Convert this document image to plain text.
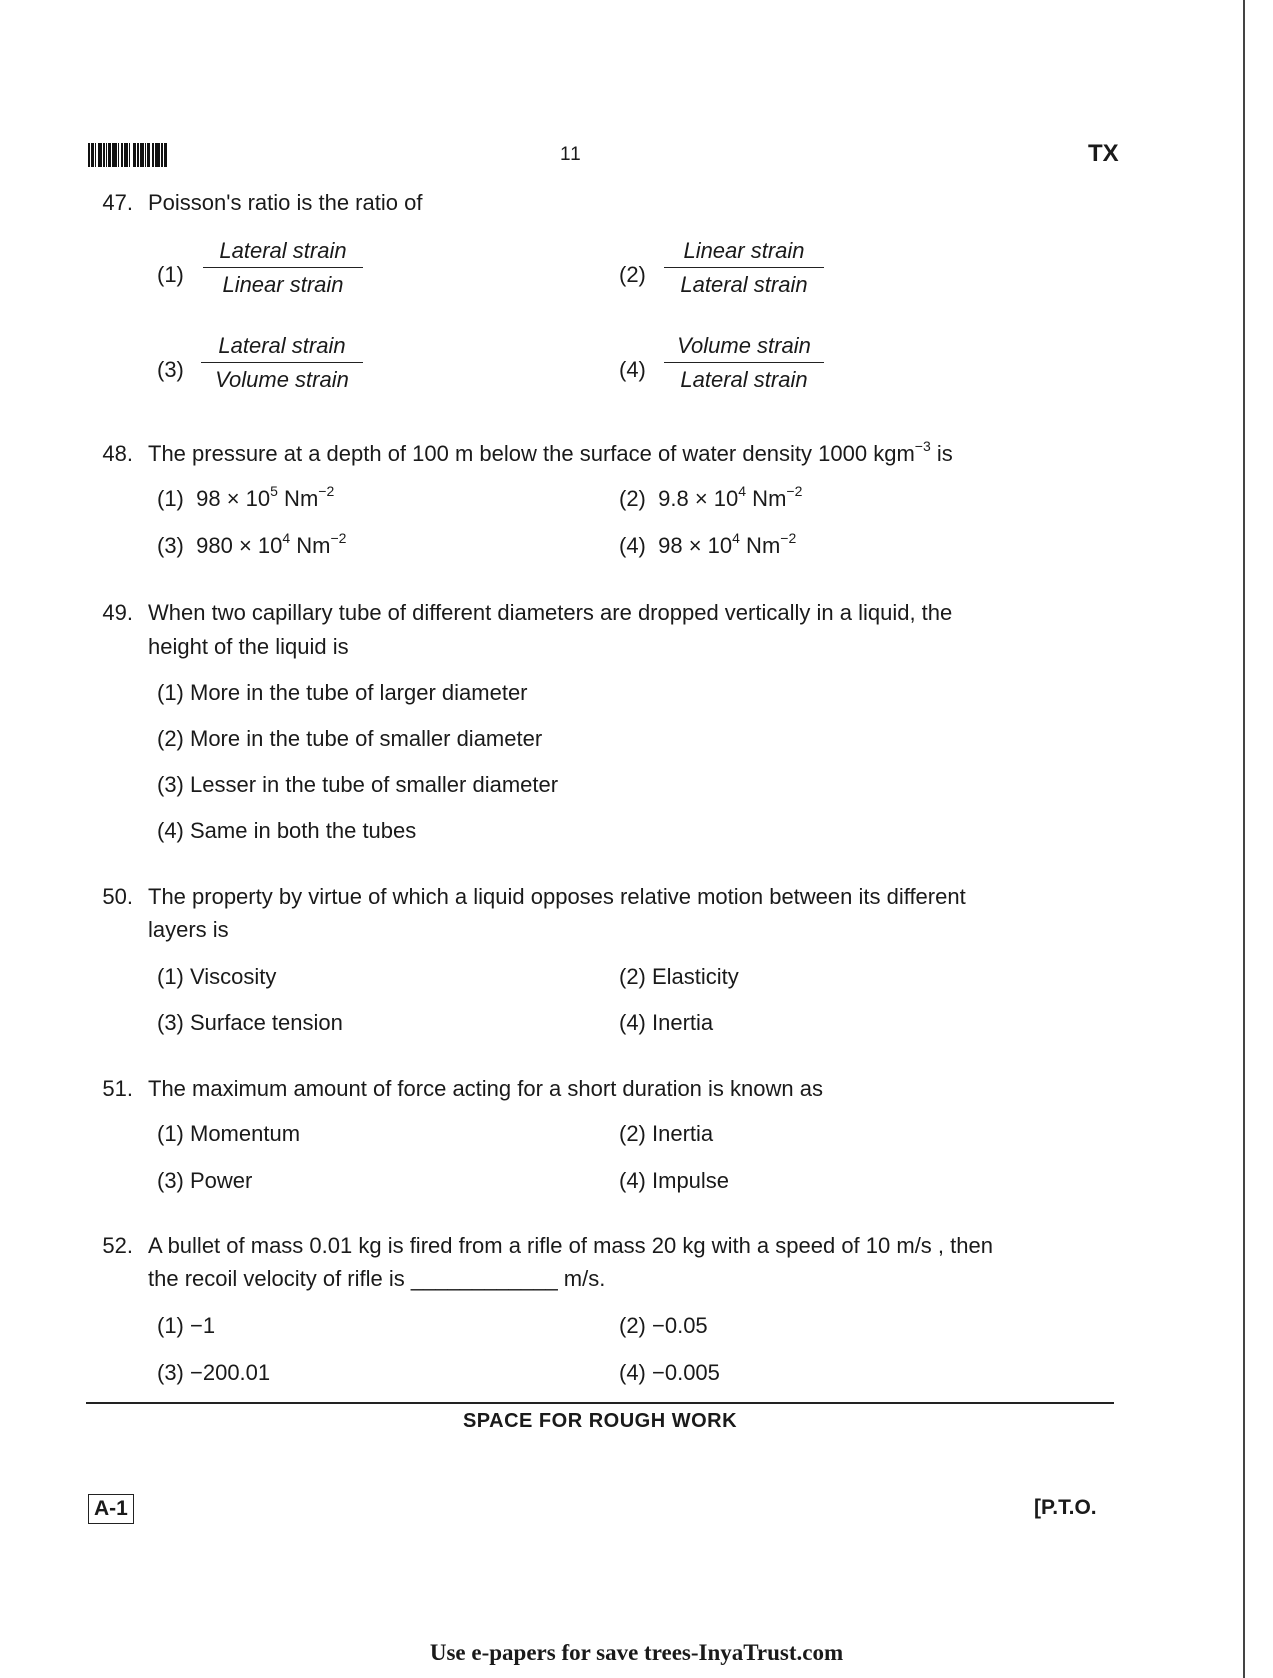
11	TX
47. Poisson's ratio is the ratio of
(1)
Lateral strain
Linear strain	(2)
Linear strain
Lateral strain
(3)
Lateral strain
Volume strain	(4)
Volume strain
Lateral strain
48. The pressure at a depth of 100 m below the surface of water density 1000 kgm$^{-3}$ is
(1) $98 \times 10^5$ $Nm^{-2}$	(2) $9.8 \times 10^4$ $Nm^{-2}$
(3) $980 \times 10^4$ $Nm^{-2}$	(4) $98 \times 10^4$ $Nm^{-2}$
49. When two capillary tube of different diameters are dropped vertically in a liquid, the
height of the liquid is
(1) More in the tube of larger diameter
(2) More in the tube of smaller diameter
(3) Lesser in the tube of smaller diameter
(4) Same in both the tubes
50. The property by virtue of which a liquid opposes relative motion between its different
layers is
(1) Viscosity	(2) Elasticity
(3) Surface tension	(4) Inertia
51. The maximum amount of force acting for a short duration is known as
(1) Momentum	(2) Inertia
(3) Power	(4) Impulse
52. A bullet of mass 0.01 kg is fired from a rifle of mass 20 kg with a speed of 10 m/s , then
the recoil velocity of rifle is ____________ m/s.
(1) −1	(2) −0.05
(3) −200.01	(4) −0.005
SPACE FOR ROUGH WORK
A-1	[P.T.O.
Use e-papers for save trees-InyaTrust.com
